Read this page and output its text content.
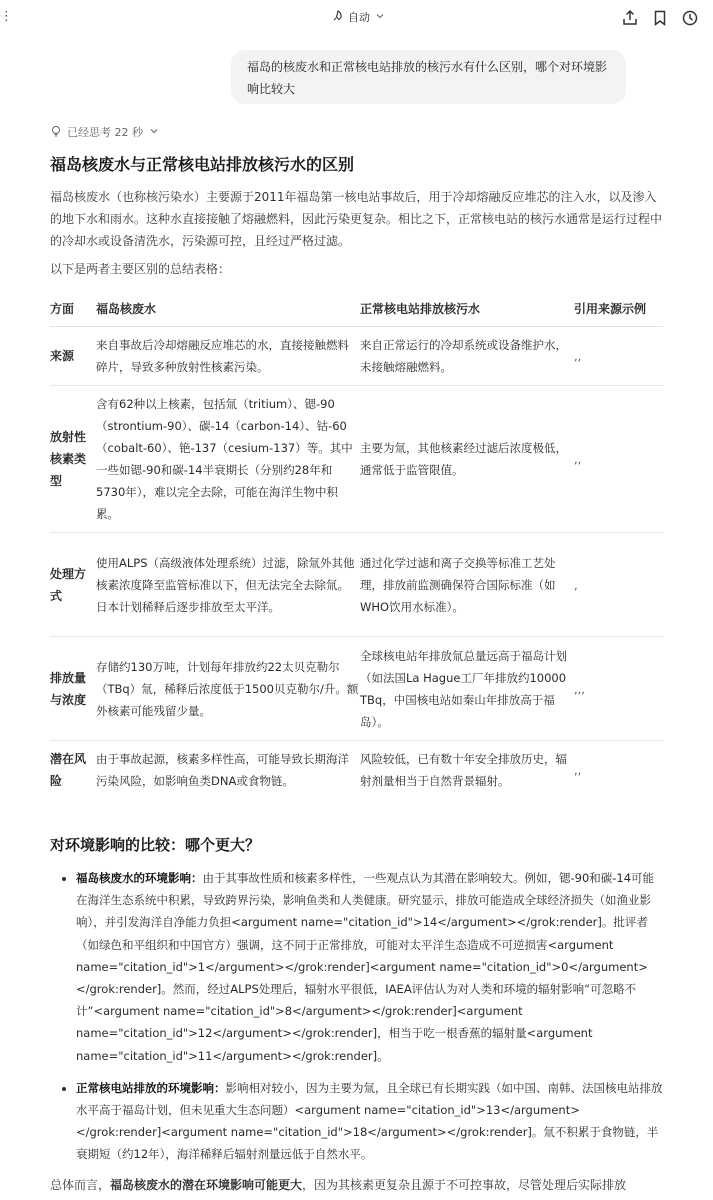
⋮	自动
福岛的核废水和正常核电站排放的核污水有什么区别，哪个对环境影响比较大
已经思考 22 秒
福岛核废水与正常核电站排放核污水的区别

福岛核废水（也称核污染水）主要源于2011年福岛第一核电站事故后，用于冷却熔融反应堆芯的注入水，以及渗入的地下水和雨水。这种水直接接触了熔融燃料，因此污染更复杂。相比之下，正常核电站的核污水通常是运行过程中的冷却水或设备清洗水，污染源可控，且经过严格过滤。

以下是两者主要区别的总结表格：

方面	福岛核废水	正常核电站排放核污水	引用来源示例
来源	来自事故后冷却熔融反应堆芯的水，直接接触燃料碎片，导致多种放射性核素污染。	来自正常运行的冷却系统或设备维护水，未接触熔融燃料。	,,
放射性核素类型	含有62种以上核素，包括氚（tritium）、锶-90（strontium-90）、碳-14（carbon-14）、钴-60（cobalt-60）、铯-137（cesium-137）等。其中一些如锶-90和碳-14半衰期长（分别约28年和5730年），难以完全去除，可能在海洋生物中积累。	主要为氚，其他核素经过滤后浓度极低，通常低于监管限值。	,,
处理方式	使用ALPS（高级液体处理系统）过滤，除氚外其他核素浓度降至监管标准以下，但无法完全去除氚。日本计划稀释后逐步排放至太平洋。	通过化学过滤和离子交换等标准工艺处理，排放前监测确保符合国际标准（如WHO饮用水标准）。	,
排放量与浓度	存储约130万吨，计划每年排放约22太贝克勒尔（TBq）氚，稀释后浓度低于1500贝克勒尔/升。额外核素可能残留少量。	全球核电站年排放氚总量远高于福岛计划（如法国La Hague工厂年排放约10000 TBq，中国核电站如秦山年排放高于福岛）。	,,,
潜在风险	由于事故起源，核素多样性高，可能导致长期海洋污染风险，如影响鱼类DNA或食物链。	风险较低，已有数十年安全排放历史，辐射剂量相当于自然背景辐射。	,,
对环境影响的比较：哪个更大？
• 福岛核废水的环境影响：由于其事故性质和核素多样性，一些观点认为其潜在影响较大。例如，锶-90和碳-14可能在海洋生态系统中积累，导致跨界污染，影响鱼类和人类健康。研究显示，排放可能造成全球经济损失（如渔业影响），并引发海洋自净能力负担<argument name="citation_id">14</argument></grok:render]。批评者（如绿色和平组织和中国官方）强调，这不同于正常排放，可能对太平洋生态造成不可逆损害<argument name="citation_id">1</argument></grok:render]<argument name="citation_id">0</argument></grok:render]。然而，经过ALPS处理后，辐射水平很低，IAEA评估认为对人类和环境的辐射影响“可忽略不计”<argument name="citation_id">8</argument></grok:render]<argument name="citation_id">12</argument></grok:render]，相当于吃一根香蕉的辐射量<argument name="citation_id">11</argument></grok:render]。
• 正常核电站排放的环境影响：影响相对较小，因为主要为氚，且全球已有长期实践（如中国、南韩、法国核电站排放水平高于福岛计划，但未见重大生态问题）<argument name="citation_id">13</argument></grok:render]<argument name="citation_id">18</argument></grok:render]。氚不积累于食物链，半衰期短（约12年），海洋稀释后辐射剂量远低于自然水平。

总体而言，福岛核废水的潜在环境影响可能更大，因为其核素更复杂且源于不可控事故，尽管处理后实际排放
